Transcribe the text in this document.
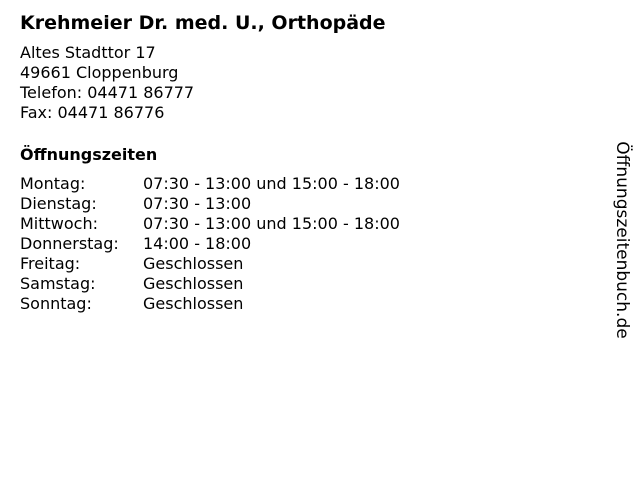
Krehmeier Dr. med. U., Orthopäde
Altes Stadttor 17
49661 Cloppenburg
Telefon: 04471 86777
Fax: 04471 86776
Öffnungszeiten
Montag:	07:30 - 13:00 und 15:00 - 18:00
Dienstag:	07:30 - 13:00
Mittwoch:	07:30 - 13:00 und 15:00 - 18:00
Donnerstag:	14:00 - 18:00
Freitag:	Geschlossen
Samstag:	Geschlossen
Sonntag:	Geschlossen	Öffnungszeitenbuch.de
